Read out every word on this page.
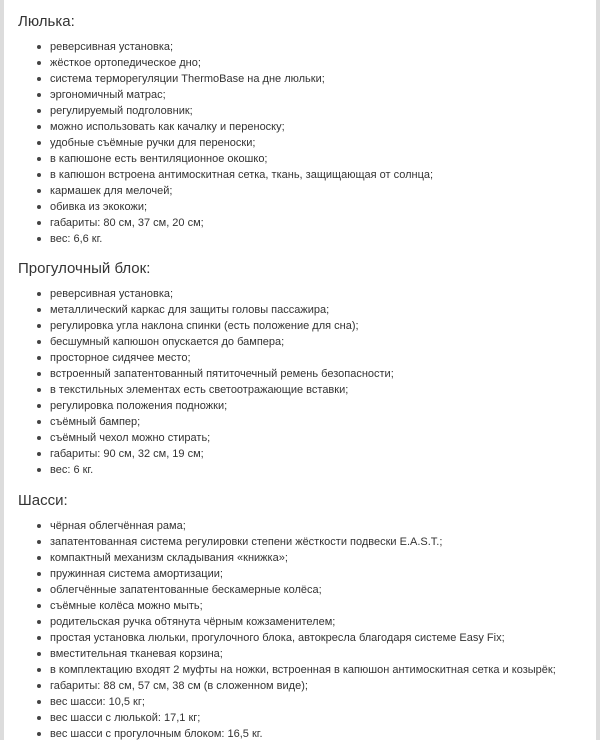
Люлька:
реверсивная установка;
жёсткое ортопедическое дно;
система терморегуляции ThermoBase на дне люльки;
эргономичный матрас;
регулируемый подголовник;
можно использовать как качалку и переноску;
удобные съёмные ручки для переноски;
в капюшоне есть вентиляционное окошко;
в капюшон встроена антимоскитная сетка, ткань, защищающая от солнца;
кармашек для мелочей;
обивка из экокожи;
габариты: 80 см, 37 см, 20 см;
вес: 6,6 кг.
Прогулочный блок:
реверсивная установка;
металлический каркас для защиты головы пассажира;
регулировка угла наклона спинки (есть положение для сна);
бесшумный капюшон опускается до бампера;
просторное сидячее место;
встроенный запатентованный пятиточечный ремень безопасности;
в текстильных элементах есть светоотражающие вставки;
регулировка положения подножки;
съёмный бампер;
съёмный чехол можно стирать;
габариты: 90 см, 32 см, 19 см;
вес: 6 кг.
Шасси:
чёрная облегчённая рама;
запатентованная система регулировки степени жёсткости подвески E.A.S.T.;
компактный механизм складывания «книжка»;
пружинная система амортизации;
облегчённые запатентованные бескамерные колёса;
съёмные колёса можно мыть;
родительская ручка обтянута чёрным кожзаменителем;
простая установка люльки, прогулочного блока, автокресла благодаря системе Easy Fix;
вместительная тканевая корзина;
в комплектацию входят 2 муфты на ножки, встроенная в капюшон антимоскитная сетка и козырёк;
габариты: 88 см, 57 см, 38 см (в сложенном виде);
вес шасси: 10,5 кг;
вес шасси с люлькой: 17,1 кг;
вес шасси с прогулочным блоком: 16,5 кг.
